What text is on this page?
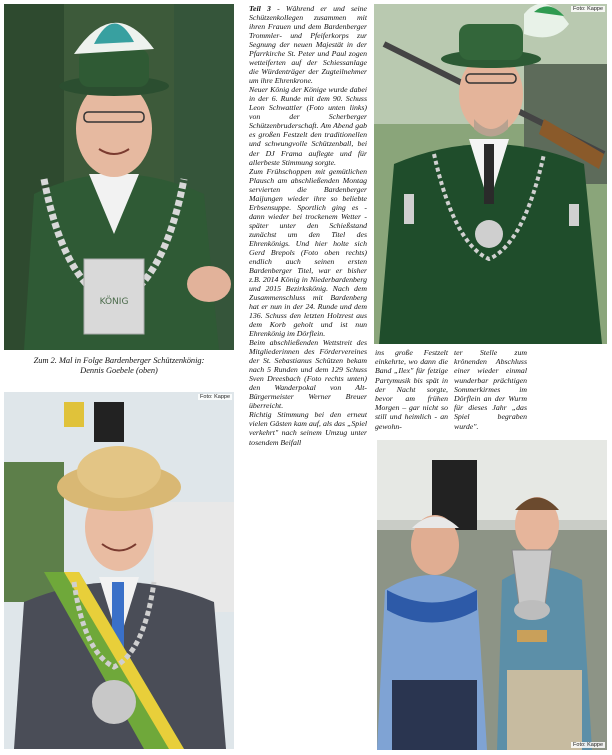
KÖNIG
Foto: Kappe
Foto: Kappe
Foto: Kappe
Zum 2. Mal in Folge Bardenberger Schützenkönig:
Dennis Goebele (oben)

Teil 3 - Während er und seine Schützenkollegen zusammen mit ihren Frauen und dem Bardenberger Trommler- und Pfeiferkorps zur Segnung der neuen Majestät in der Pfarrkirche St. Peter und Paul zogen wetteiferten auf der Schiessanlage die Würdenträger der Zugteilnehmer um ihre Ehrenkrone.

Neuer König der Könige wurde dabei in der 6. Runde mit dem 90. Schuss Leon Schwattler (Foto unten links) von der Scherberger Schützenbruderschaft. Am Abend gab es großen Festzelt den traditionellen und schwungvolle Schützenball, bei der DJ Frama auflegte und für allerbeste Stimmung sorgte.

Zum Frühschoppen mit gemütlichen Plausch am abschließenden Montag servierten die Bardenberger Maijungen wieder ihre so beliebte Erbsensuppe. Sportlich ging es - dann wieder bei trockenem Wetter - später unter den Schießstand zunächst um den Titel des Ehrenkönigs. Und hier holte sich Gerd Brepols (Foto oben rechts) endlich auch seinen ersten Bardenberger Titel, war er bisher z.B. 2014 König in Niederbardenberg und 2015 Bezirkskönig. Nach dem Zusammenschluss mit Bardenberg hat er nun in der 24. Runde und dem 136. Schuss den letzten Holzrest aus dem Korb geholt und ist nun Ehrenkönig im Dörflein.

Beim abschließenden Wettstreit des Mitgliederinnen des Fördervereines der St. Sebastianus Schützen bekam nach 5 Runden und dem 129 Schuss Sven Dreesbach (Foto rechts unten) den Wanderpokal von Alt-Bürgermeister Werner Breuer überreicht.

Richtig Stimmung bei den erneut vielen Gästen kam auf, als das „Spiel verkehrt" nach seinem Umzug unter tosendem Beifall

ins große Festzelt einkehrte, wo dann die Band „Ilex" für fetzige Partymusik bis spät in der Nacht sorgte, bevor am frühen Morgen – gar nicht so still und heimlich - an gewohn-
ter Stelle zum krönenden Abschluss einer wieder einmal wunderbar prächtigen Sommerkirmes im Dörflein an der Wurm für dieses Jahr „das Spiel begraben wurde".
